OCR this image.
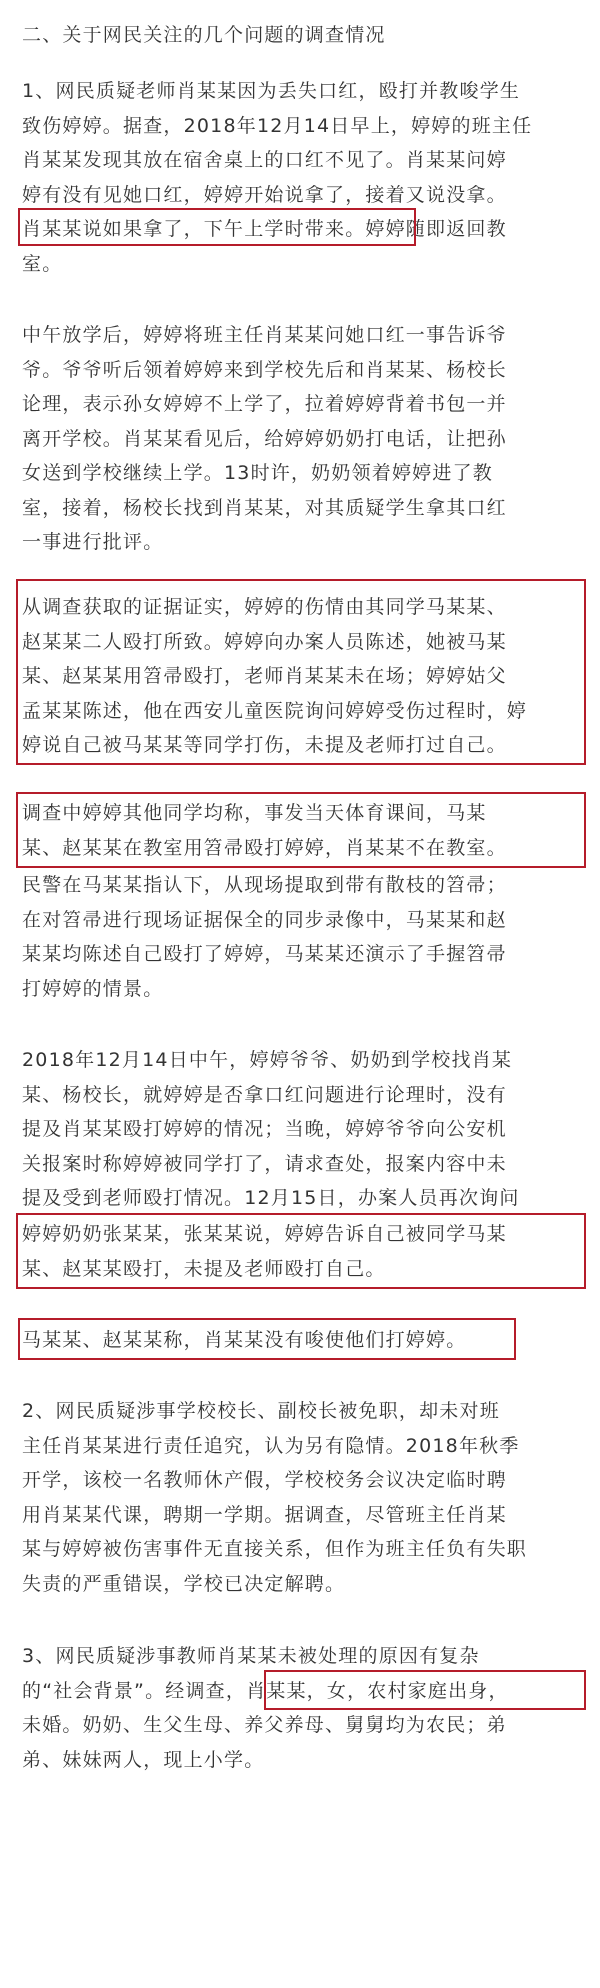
二、关于网民关注的几个问题的调查情况
1、网民质疑老师肖某某因为丢失口红，殴打并教唆学生
致伤婷婷。据查，2018年12月14日早上，婷婷的班主任
肖某某发现其放在宿舍桌上的口红不见了。肖某某问婷
婷有没有见她口红，婷婷开始说拿了，接着又说没拿。
肖某某说如果拿了，下午上学时带来。婷婷随即返回教
室。
中午放学后，婷婷将班主任肖某某问她口红一事告诉爷
爷。爷爷听后领着婷婷来到学校先后和肖某某、杨校长
论理，表示孙女婷婷不上学了，拉着婷婷背着书包一并
离开学校。肖某某看见后，给婷婷奶奶打电话，让把孙
女送到学校继续上学。13时许，奶奶领着婷婷进了教
室，接着，杨校长找到肖某某，对其质疑学生拿其口红
一事进行批评。
从调查获取的证据证实，婷婷的伤情由其同学马某某、
赵某某二人殴打所致。婷婷向办案人员陈述，她被马某
某、赵某某用笤帚殴打，老师肖某某未在场；婷婷姑父
孟某某陈述，他在西安儿童医院询问婷婷受伤过程时，婷
婷说自己被马某某等同学打伤，未提及老师打过自己。
调查中婷婷其他同学均称，事发当天体育课间，马某
某、赵某某在教室用笤帚殴打婷婷，肖某某不在教室。
民警在马某某指认下，从现场提取到带有散枝的笤帚；
在对笤帚进行现场证据保全的同步录像中，马某某和赵
某某均陈述自己殴打了婷婷，马某某还演示了手握笤帚
打婷婷的情景。
2018年12月14日中午，婷婷爷爷、奶奶到学校找肖某
某、杨校长，就婷婷是否拿口红问题进行论理时，没有
提及肖某某殴打婷婷的情况；当晚，婷婷爷爷向公安机
关报案时称婷婷被同学打了，请求查处，报案内容中未
提及受到老师殴打情况。12月15日，办案人员再次询问
婷婷奶奶张某某，张某某说，婷婷告诉自己被同学马某
某、赵某某殴打，未提及老师殴打自己。
马某某、赵某某称，肖某某没有唆使他们打婷婷。
2、网民质疑涉事学校校长、副校长被免职，却未对班
主任肖某某进行责任追究，认为另有隐情。2018年秋季
开学，该校一名教师休产假，学校校务会议决定临时聘
用肖某某代课，聘期一学期。据调查，尽管班主任肖某
某与婷婷被伤害事件无直接关系，但作为班主任负有失职
失责的严重错误，学校已决定解聘。
3、网民质疑涉事教师肖某某未被处理的原因有复杂
的“社会背景”。经调查，肖某某，女，农村家庭出身，
未婚。奶奶、生父生母、养父养母、舅舅均为农民；弟
弟、妹妹两人，现上小学。
